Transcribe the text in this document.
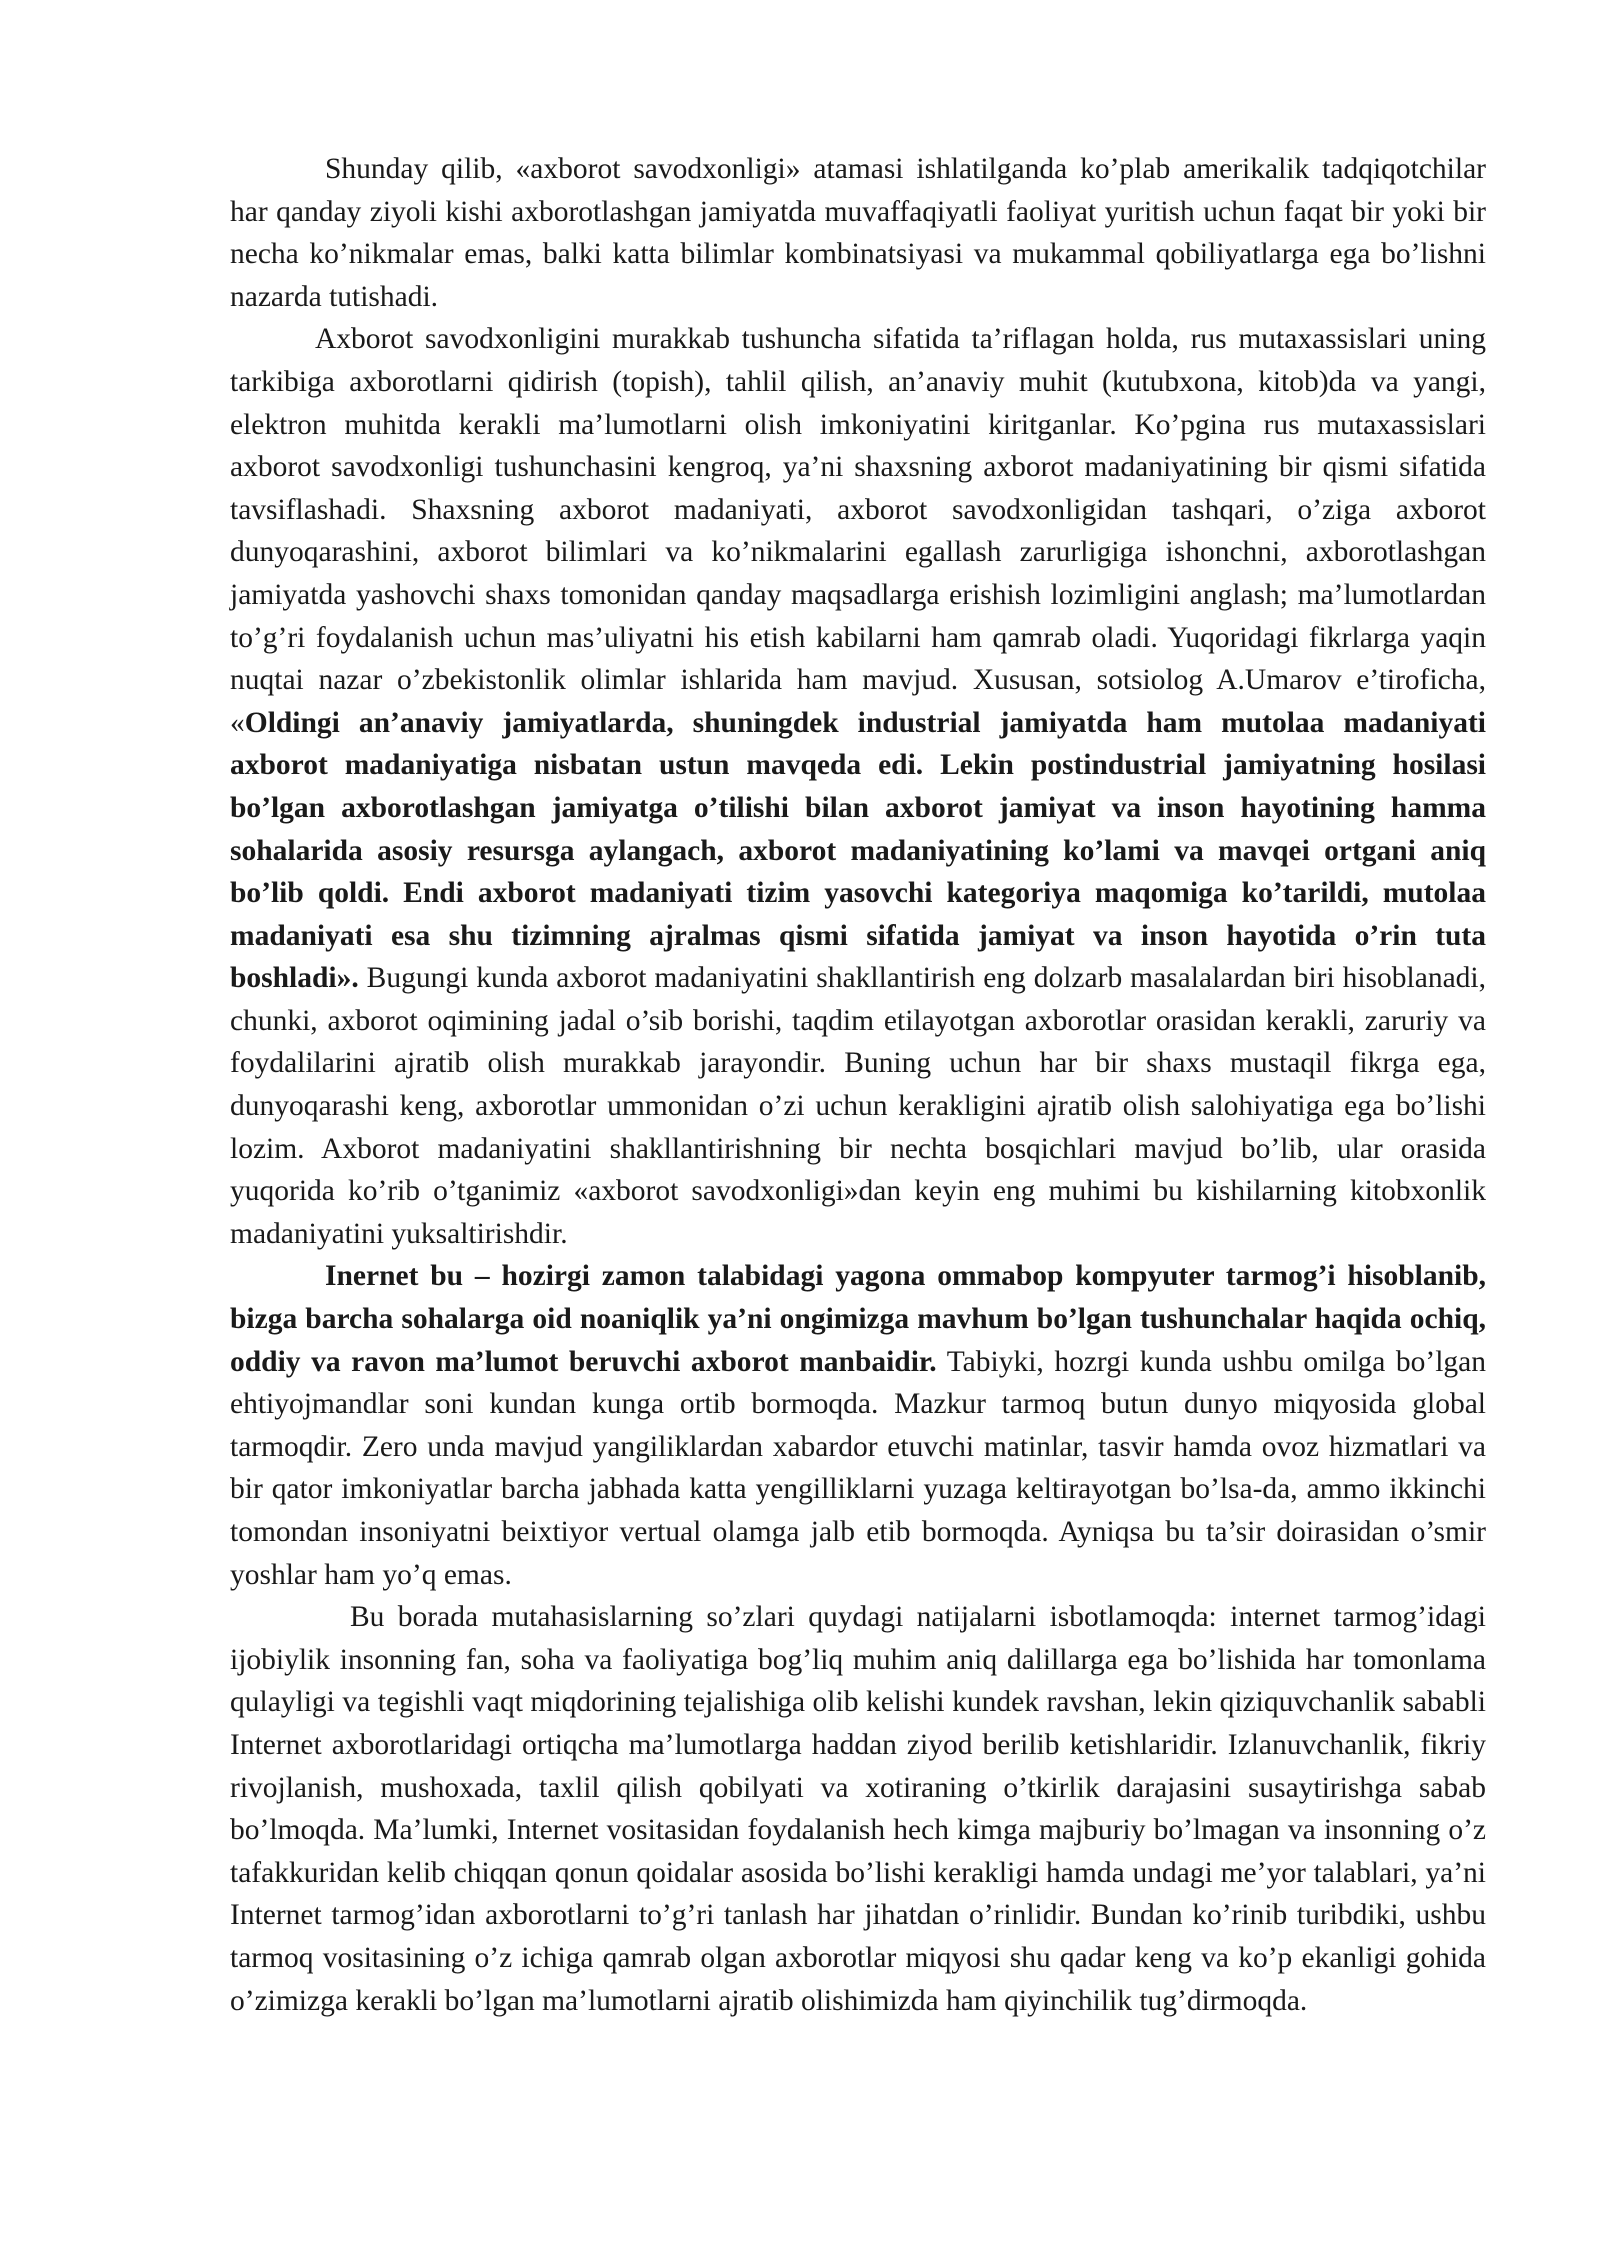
Shunday qilib, «axborot savodxonligi» atamasi ishlatilganda ko’plab amerikalik tadqiqotchilar har qanday ziyoli kishi axborotlashgan jamiyatda muvaffaqiyatli faoliyat yuritish uchun faqat bir yoki bir necha ko’nikmalar emas, balki katta bilimlar kombinatsiyasi va mukammal qobiliyatlarga ega bo’lishni nazarda tutishadi.

Axborot savodxonligini murakkab tushuncha sifatida ta’riflagan holda, rus mutaxassislari uning tarkibiga axborotlarni qidirish (topish), tahlil qilish, an’anaviy muhit (kutubxona, kitob)da va yangi, elektron muhitda kerakli ma’lumotlarni olish imkoniyatini kiritganlar. Ko’pgina rus mutaxassislari axborot savodxonligi tushunchasini kengroq, ya’ni shaxsning axborot madaniyatining bir qismi sifatida tavsiflashadi. Shaxsning axborot madaniyati, axborot savodxonligidan tashqari, o’ziga axborot dunyoqarashini, axborot bilimlari va ko’nikmalarini egallash zarurligiga ishonchni, axborotlashgan jamiyatda yashovchi shaxs tomonidan qanday maqsadlarga erishish lozimligini anglash; ma’lumotlardan to’g’ri foydalanish uchun mas’uliyatni his etish kabilarni ham qamrab oladi. Yuqoridagi fikrlarga yaqin nuqtai nazar o’zbekistonlik olimlar ishlarida ham mavjud. Xususan, sotsiolog A.Umarov e’tiroficha, «Oldingi an’anaviy jamiyatlarda, shuningdek industrial jamiyatda ham mutolaa madaniyati axborot madaniyatiga nisbatan ustun mavqeda edi. Lekin postindustrial jamiyatning hosilasi bo’lgan axborotlashgan jamiyatga o’tilishi bilan axborot jamiyat va inson hayotining hamma sohalarida asosiy resursga aylangach, axborot madaniyatining ko’lami va mavqei ortgani aniq bo’lib qoldi. Endi axborot madaniyati tizim yasovchi kategoriya maqomiga ko’tarildi, mutolaa madaniyati esa shu tizimning ajralmas qismi sifatida jamiyat va inson hayotida o’rin tuta boshladi». Bugungi kunda axborot madaniyatini shakllantirish eng dolzarb masalalardan biri hisoblanadi, chunki, axborot oqimining jadal o’sib borishi, taqdim etilayotgan axborotlar orasidan kerakli, zaruriy va foydalilarini ajratib olish murakkab jarayondir. Buning uchun har bir shaxs mustaqil fikrga ega, dunyoqarashi keng, axborotlar ummonidan o’zi uchun kerakligini ajratib olish salohiyatiga ega bo’lishi lozim. Axborot madaniyatini shakllantirishning bir nechta bosqichlari mavjud bo’lib, ular orasida yuqorida ko’rib o’tganimiz «axborot savodxonligi»dan keyin eng muhimi bu kishilarning kitobxonlik madaniyatini yuksaltirishdir.

Inernet bu – hozirgi zamon talabidagi yagona ommabop kompyuter tarmog’i hisoblanib, bizga barcha sohalarga oid noaniqlik ya’ni ongimizga mavhum bo’lgan tushunchalar haqida ochiq, oddiy va ravon ma’lumot beruvchi axborot manbaidir. Tabiyki, hozrgi kunda ushbu omilga bo’lgan ehtiyojmandlar soni kundan kunga ortib bormoqda. Mazkur tarmoq butun dunyo miqyosida global tarmoqdir. Zero unda mavjud yangiliklardan xabardor etuvchi matinlar, tasvir hamda ovoz hizmatlari va bir qator imkoniyatlar barcha jabhada katta yengilliklarni yuzaga keltirayotgan bo’lsa-da, ammo ikkinchi tomondan insoniyatni beixtiyor vertual olamga jalb etib bormoqda. Ayniqsa bu ta’sir doirasidan o’smir yoshlar ham yo’q emas.

Bu borada mutahasislarning so’zlari quydagi natijalarni isbotlamoqda: internet tarmog’idagi ijobiylik insonning fan, soha va faoliyatiga bog’liq muhim aniq dalillarga ega bo’lishida har tomonlama qulayligi va tegishli vaqt miqdorining tejalishiga olib kelishi kundek ravshan, lekin qiziquvchanlik sababli Internet axborotlaridagi ortiqcha ma’lumotlarga haddan ziyod berilib ketishlaridir. Izlanuvchanlik, fikriy rivojlanish, mushoxada, taxlil qilish qobilyati va xotiraning o’tkirlik darajasini susaytirishga sabab bo’lmoqda. Ma’lumki, Internet vositasidan foydalanish hech kimga majburiy bo’lmagan va insonning o’z tafakkuridan kelib chiqqan qonun qoidalar asosida bo’lishi kerakligi hamda undagi me’yor talablari, ya’ni Internet tarmog’idan axborotlarni to’g’ri tanlash har jihatdan o’rinlidir. Bundan ko’rinib turibdiki, ushbu tarmoq vositasining o’z ichiga qamrab olgan axborotlar miqyosi shu qadar keng va ko’p ekanligi gohida o’zimizga kerakli bo’lgan ma’lumotlarni ajratib olishimizda ham qiyinchilik tug’dirmoqda.
